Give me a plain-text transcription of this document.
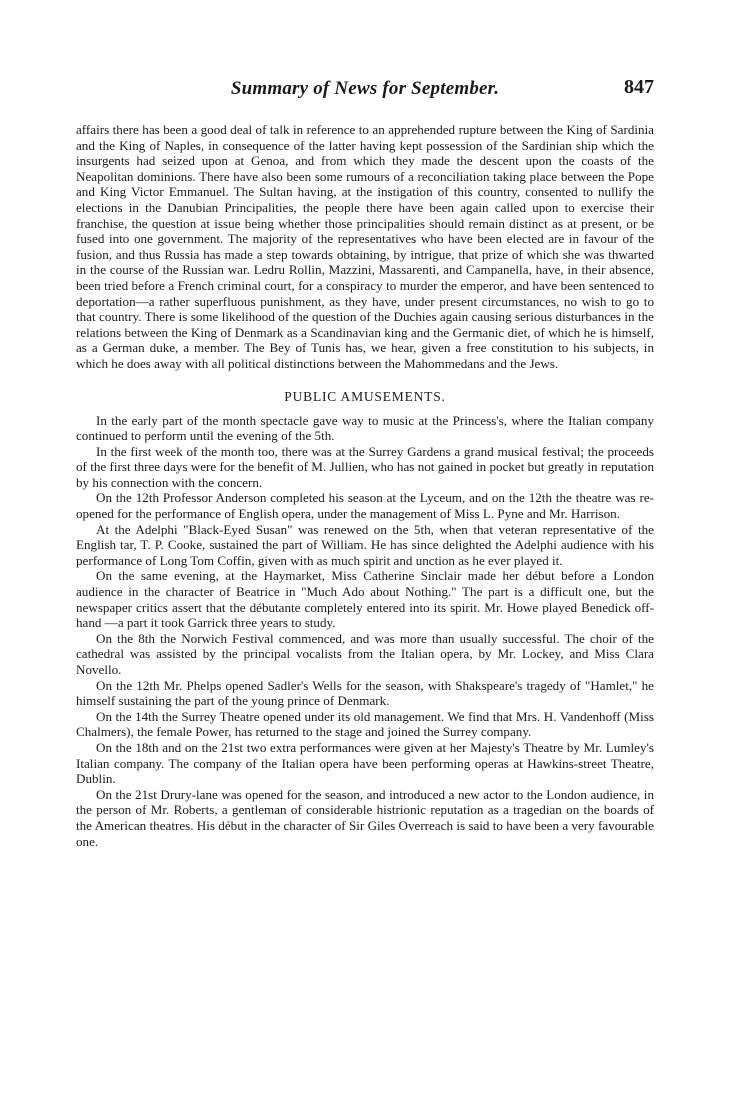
Summary of News for September.	847

affairs there has been a good deal of talk in reference to an apprehended rupture between the King of Sardinia and the King of Naples, in consequence of the latter having kept possession of the Sardinian ship which the insurgents had seized upon at Genoa, and from which they made the descent upon the coasts of the Neapolitan dominions. There have also been some rumours of a reconciliation taking place between the Pope and King Victor Emmanuel. The Sultan having, at the instigation of this country, consented to nullify the elections in the Danubian Principalities, the people there have been again called upon to exercise their franchise, the question at issue being whether those principalities should remain distinct as at present, or be fused into one government. The majority of the representatives who have been elected are in favour of the fusion, and thus Russia has made a step towards obtaining, by intrigue, that prize of which she was thwarted in the course of the Russian war. Ledru Rollin, Mazzini, Massarenti, and Campanella, have, in their absence, been tried before a French criminal court, for a conspiracy to murder the emperor, and have been sentenced to deportation—a rather superfluous punishment, as they have, under present circumstances, no wish to go to that country. There is some likelihood of the question of the Duchies again causing serious disturbances in the relations between the King of Denmark as a Scandinavian king and the Germanic diet, of which he is himself, as a German duke, a member. The Bey of Tunis has, we hear, given a free constitution to his subjects, in which he does away with all political distinctions between the Mahommedans and the Jews.

PUBLIC AMUSEMENTS.

In the early part of the month spectacle gave way to music at the Princess's, where the Italian company continued to perform until the evening of the 5th.

In the first week of the month too, there was at the Surrey Gardens a grand musical festival; the proceeds of the first three days were for the benefit of M. Jullien, who has not gained in pocket but greatly in reputation by his connection with the concern.

On the 12th Professor Anderson completed his season at the Lyceum, and on the 12th the theatre was re-opened for the performance of English opera, under the management of Miss L. Pyne and Mr. Harrison.

At the Adelphi "Black-Eyed Susan" was renewed on the 5th, when that veteran representative of the English tar, T. P. Cooke, sustained the part of William. He has since delighted the Adelphi audience with his performance of Long Tom Coffin, given with as much spirit and unction as he ever played it.

On the same evening, at the Haymarket, Miss Catherine Sinclair made her début before a London audience in the character of Beatrice in "Much Ado about Nothing." The part is a difficult one, but the newspaper critics assert that the débutante completely entered into its spirit. Mr. Howe played Benedick off-hand —a part it took Garrick three years to study.

On the 8th the Norwich Festival commenced, and was more than usually successful. The choir of the cathedral was assisted by the principal vocalists from the Italian opera, by Mr. Lockey, and Miss Clara Novello.

On the 12th Mr. Phelps opened Sadler's Wells for the season, with Shakspeare's tragedy of "Hamlet," he himself sustaining the part of the young prince of Denmark.

On the 14th the Surrey Theatre opened under its old management. We find that Mrs. H. Vandenhoff (Miss Chalmers), the female Power, has returned to the stage and joined the Surrey company.

On the 18th and on the 21st two extra performances were given at her Majesty's Theatre by Mr. Lumley's Italian company. The company of the Italian opera have been performing operas at Hawkins-street Theatre, Dublin.

On the 21st Drury-lane was opened for the season, and introduced a new actor to the London audience, in the person of Mr. Roberts, a gentleman of considerable histrionic reputation as a tragedian on the boards of the American theatres. His début in the character of Sir Giles Overreach is said to have been a very favourable one.
